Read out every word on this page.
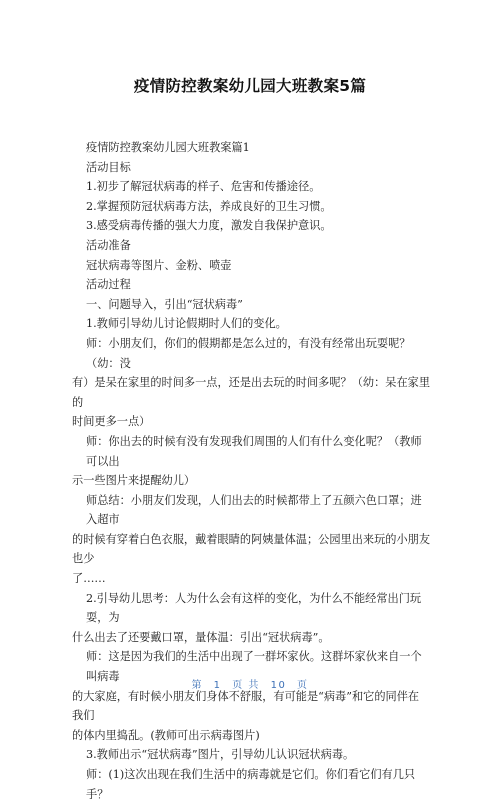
疫情防控教案幼儿园大班教案5篇

疫情防控教案幼儿园大班教案篇1

活动目标

1.初步了解冠状病毒的样子、危害和传播途径。

2.掌握预防冠状病毒方法，养成良好的卫生习惯。

3.感受病毒传播的强大力度，激发自我保护意识。

活动准备

冠状病毒等图片、金粉、喷壶

活动过程

一、问题导入，引出“冠状病毒”

1.教师引导幼儿讨论假期时人们的变化。

师：小朋友们，你们的假期都是怎么过的，有没有经常出玩耍呢？（幼：没

有）是呆在家里的时间多一点，还是出去玩的时间多呢？（幼：呆在家里的

时间更多一点）

师：你出去的时候有没有发现我们周围的人们有什么变化呢？（教师可以出

示一些图片来提醒幼儿）

师总结：小朋友们发现，人们出去的时候都带上了五颜六色口罩；进入超市

的时候有穿着白色衣服，戴着眼睛的阿姨量体温；公园里出来玩的小朋友也少

了……

2.引导幼儿思考：人为什么会有这样的变化，为什么不能经常出门玩耍，为

什么出去了还要戴口罩，量体温：引出“冠状病毒”。

师：这是因为我们的生活中出现了一群坏家伙。这群坏家伙来自一个叫病毒

的大家庭，有时候小朋友们身体不舒服，有可能是“病毒”和它的同伴在我们

的体内里捣乱。(教师可出示病毒图片)

3.教师出示“冠状病毒”图片，引导幼儿认识冠状病毒。

师：(1)这次出现在我们生活中的病毒就是它们。你们看它们有几只手？

第 1 页 共 10 页
